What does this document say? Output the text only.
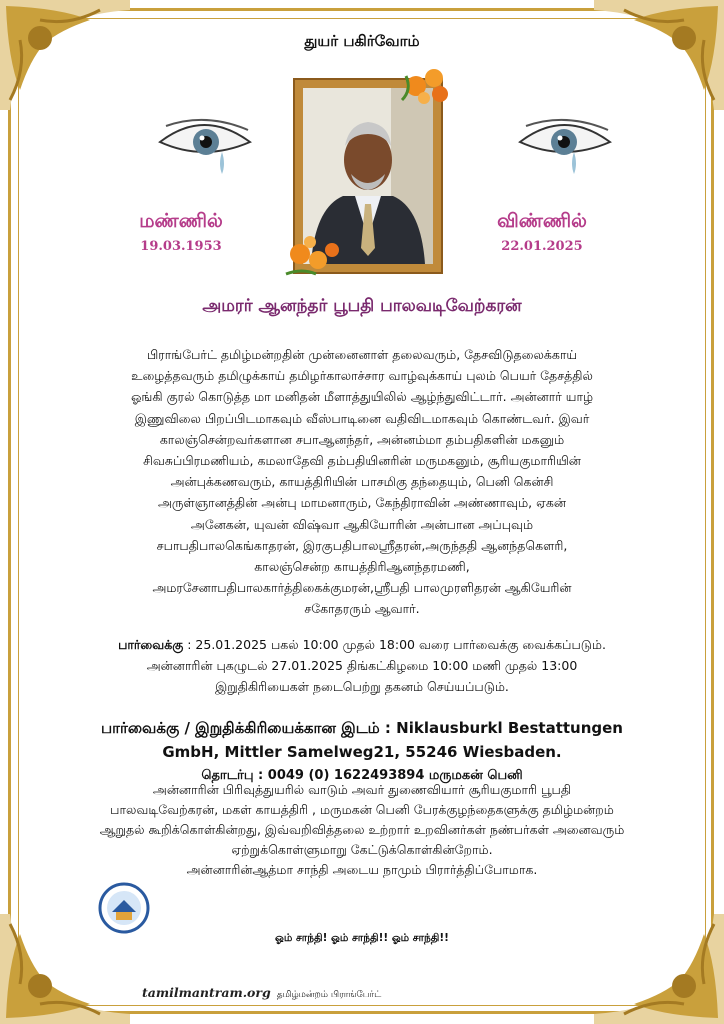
துயர் பகிர்வோம்
மண்ணில்
19.03.1953
விண்ணில்
22.01.2025
அமரர் ஆனந்தர் பூபதி பாலவடிவேற்கரன்

பிராங்பேர்ட் தமிழ்மன்றதின் முன்னைனாள் தலைவரும், தேசவிடுதலைக்காய்

உழைத்தவரும் தமிழுக்காய் தமிழர்காலாச்சார வாழ்வுக்காய் புலம் பெயர் தேசத்தில்

ஓங்கி குரல் கொடுத்த மா மனிதன் மீளாத்துயிலில் ஆழ்ந்துவிட்டார். அன்னார் யாழ்

இணுவிலை பிறப்பிடமாகவும் வீஸ்பாடினை வதிவிடமாகவும் கொண்டவர். இவர்

காலஞ்சென்றவர்களான சபாஆனந்தர், அன்னம்மா தம்பதிகளின் மகனும்

சிவசுப்பிரமணியம், கமலாதேவி தம்பதியினரின் மருமகனும், சூரியகுமாரியின்

அன்புக்கணவரும், காயத்திரியின் பாசமிகு தந்தையும், பெனி கென்சி

அருள்ஞானத்தின் அன்பு மாமனாரும், கேந்திராவின் அண்ணாவும், ஏகன்

அனேகன், யுவன் விஷ்வா ஆகியோரின் அன்பான அப்புவும்

சபாபதிபாலகெங்காதரன், இரகுபதிபாலஸ்ரீதரன்,அருந்ததி ஆனந்தகௌரி,

காலஞ்சென்ற காயத்திரிஆனந்தரமணி,

அமரசேனாபதிபாலகார்த்திகைக்குமரன்,ஸ்ரீபதி பாலமுரளிதரன் ஆகியேரின்

சகோதரரும் ஆவார்.

பார்வைக்கு : 25.01.2025 பகல் 10:00 முதல் 18:00 வரை பார்வைக்கு வைக்கப்படும்.

அன்னாரின் புகழுடல் 27.01.2025 திங்கட்கிழமை 10:00 மணி முதல் 13:00

இறுதிகிரியைகள் நடைபெற்று தகனம் செய்யப்படும்.

பார்வைக்கு / இறுதிக்கிரியைக்கான இடம் : Niklausburkl Bestattungen

GmbH, Mittler Samelweg21, 55246 Wiesbaden.

தொடர்பு : 0049 (0) 1622493894 மருமகன் பெனி

அன்னாரின் பிரிவுத்துயரில் வாடும் அவர் துணைவியார் சூரியகுமாரி பூபதி

பாலவடிவேற்கரன், மகள் காயத்திரி , மருமகன் பெனி பேரக்குழந்தைகளுக்கு தமிழ்மன்றம்

ஆறுதல் கூறிக்கொள்கின்றது, இவ்வறிவித்தலை உற்றார் உறவினர்கள் நண்பர்கள் அனைவரும்

ஏற்றுக்கொள்ளுமாறு கேட்டுக்கொள்கின்றோம்.

அன்னாரின்ஆத்மா சாந்தி அடைய நாமும் பிரார்த்திப்போமாக.

ஓம் சாந்தி! ஓம் சாந்தி!! ஓம் சாந்தி!!
tamilmantram.org தமிழ்மன்றம் பிராங்பேர்ட்
